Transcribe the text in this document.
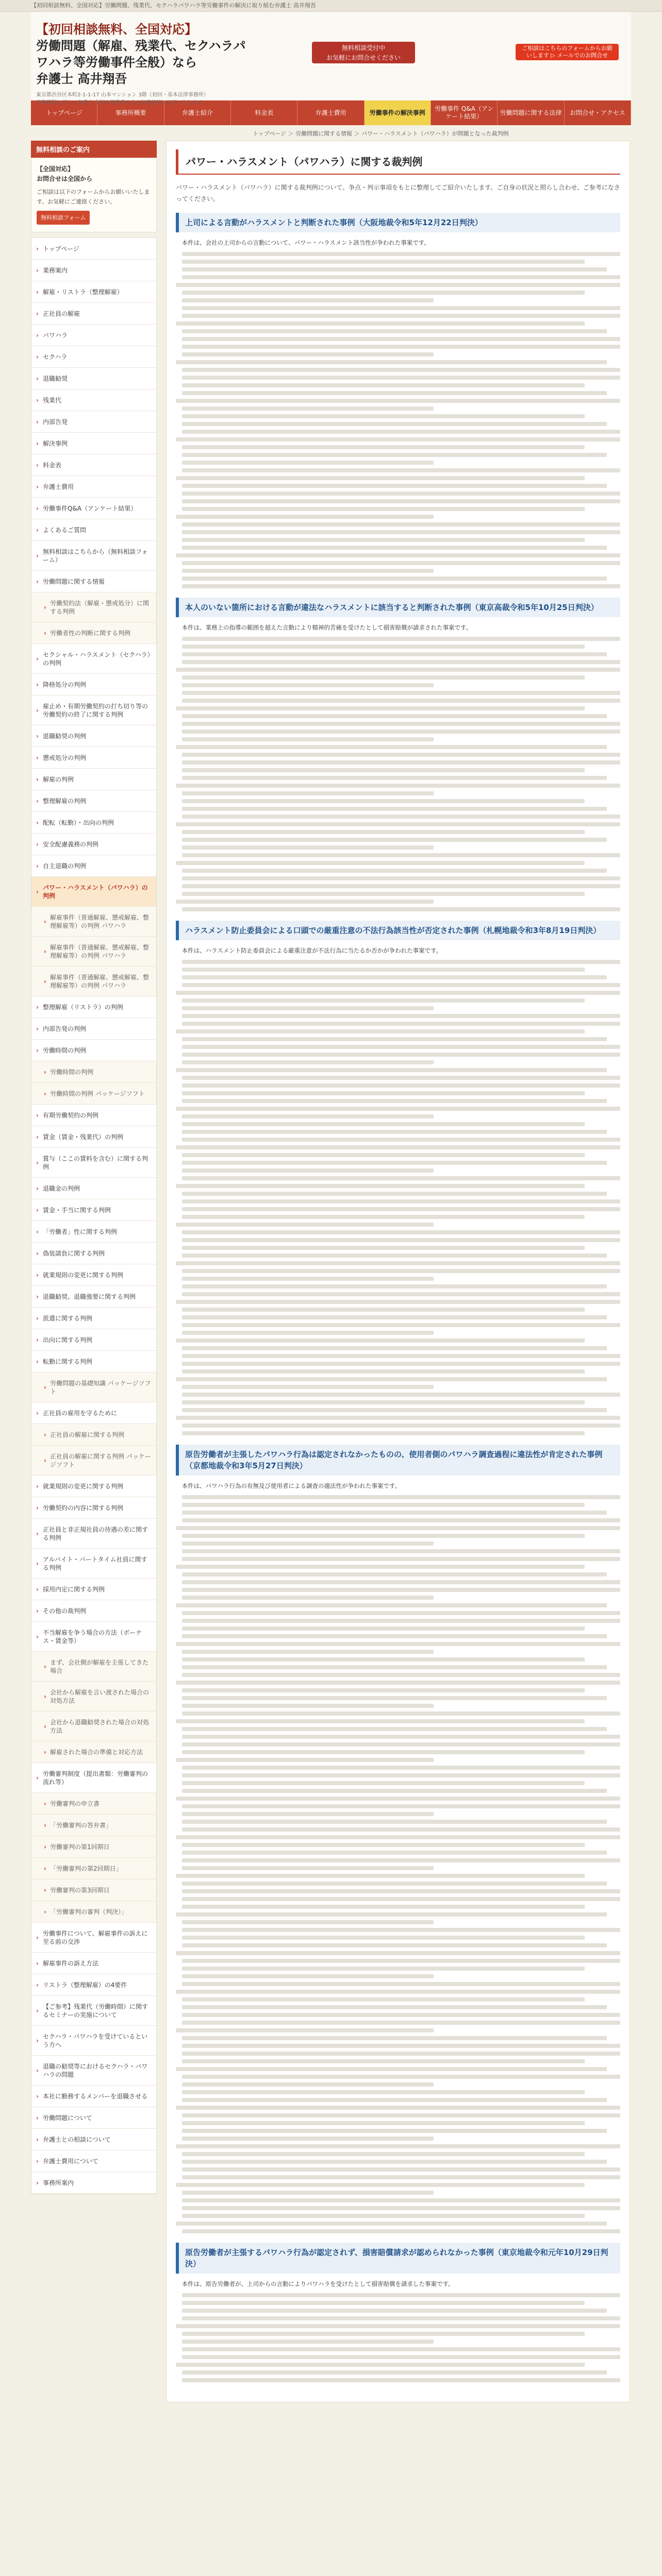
【初回相談無料、全国対応】労働問題、残業代、セクハラパワハラ等労働事件の解決に取り組む弁護士 高井翔吾
【初回相談無料、全国対応】
労働問題（解雇、残業代、セクハラパ
ワハラ等労働事件全般）なら
弁護士 高井翔吾
東京都渋谷区本町2-1-1-17 山本マンション 3階（初回・基本法律事務所）
労働問題に詳しい弁護士 全国の労働者の方の法律相談に対応いたします
無料相談受付中
お気軽にお問合せください
ご相談はこちらのフォームからお願
いします ▷ メールでのお問合せ
トップページ	事務所概要	弁護士紹介	料金表	弁護士費用	労働事件の解決事例
労働事件 Q&A（アンケート結果）
労働問題に関する法律	お問合せ・アクセス
トップページ ＞ 労働問題に関する情報 ＞ パワー・ハラスメント（パワハラ）が問題となった裁判例
無料相談のご案内
【全国対応】
お問合せは全国から
ご相談は以下のフォームからお願いいたします。お気軽にご連絡ください。
無料相談フォーム
› トップページ
› 業務案内
› 解雇・リストラ（整理解雇）
› 正社員の解雇
› パワハラ
› セクハラ
› 退職勧奨
› 残業代
› 内部告発
› 解決事例
› 料金表
› 弁護士費用
› 労働事件Q&A（アンケート結果）
› よくあるご質問
› 無料相談はこちらから（無料相談フォーム）
› 労働問題に関する情報
› 労働契約法（解雇・懲戒処分）に関する判例
› 労働者性の判断に関する判例
› セクシャル・ハラスメント（セクハラ）の判例
› 降格処分の判例
› 雇止め・有期労働契約の打ち切り等の労働契約の終了に関する判例
› 退職勧奨の判例
› 懲戒処分の判例
› 解雇の判例
› 整理解雇の判例
› 配転（転勤）・出向の判例
› 安全配慮義務の判例
› 自主退職の判例
› パワー・ハラスメント（パワハラ）の判例
› 解雇事件（普通解雇、懲戒解雇、整理解雇等）の判例 パワハラ
› 解雇事件（普通解雇、懲戒解雇、整理解雇等）の判例 パワハラ
› 解雇事件（普通解雇、懲戒解雇、整理解雇等）の判例 パワハラ
› 整理解雇（リストラ）の判例
› 内部告発の判例
› 労働時間の判例
› 労働時間の判例
› 労働時間の判例 パッケージソフト
› 有期労働契約の判例
› 賃金（賃金・残業代）の判例
› 賞与（ここの賃料を含む）に関する判例
› 退職金の判例
› 賃金・手当に関する判例
› 「労働者」性に関する判例
› 偽装請負に関する判例
› 就業規則の変更に関する判例
› 退職勧奨、退職強要に関する判例
› 派遣に関する判例
› 出向に関する判例
› 転勤に関する判例
› 労働問題の基礎知識 パッケージソフト
› 正社員の雇用を守るために
› 正社員の解雇に関する判例
› 正社員の解雇に関する判例 パッケージソフト
› 就業規則の変更に関する判例
› 労働契約の内容に関する判例
› 正社員と非正規社員の待遇の差に関する判例
› アルバイト・パートタイム社員に関する判例
› 採用内定に関する判例
› その他の裁判例
› 不当解雇を争う場合の方法（ボーナス・賃金等）
› まず、会社側が解雇を主張してきた場合
› 会社から解雇を言い渡された場合の対処方法
› 会社から退職勧奨された場合の対処方法
› 解雇された場合の準備と対応方法
› 労働審判制度（提出書類：労働審判の流れ等）
› 労働審判の申立書
› 「労働審判の答弁書」
› 労働審判の第1回期日
› 「労働審判の第2回期日」
› 労働審判の第3回期日
› 「労働審判の審判（判決）」
› 労働事件について、解雇事件の訴えに至る前の交渉
› 解雇事件の訴え方法
› リストラ（整理解雇）の4要件
› 【ご参考】残業代（労働時間）に関するセミナーの実施について
› セクハラ・パワハラを受けているという方へ
› 退職の勧奨等におけるセクハラ・パワハラの問題
› 本社に勤務するメンバーを退職させる
› 労働問題について
› 弁護士との相談について
› 弁護士費用について
› 事務所案内
パワー・ハラスメント（パワハラ）に関する裁判例
パワー・ハラスメント（パワハラ）に関する裁判例について、争点・判示事項をもとに整理してご紹介いたします。ご自身の状況と照らし合わせ、ご参考になさってください。
上司による言動がハラスメントと判断された事例（大阪地裁令和5年12月22日判決）

本件は、会社の上司からの言動について、パワー・ハラスメント該当性が争われた事案です。

本人のいない箇所における言動が違法なハラスメントに該当すると判断された事例（東京高裁令和5年10月25日判決）

本件は、業務上の指導の範囲を超えた言動により精神的苦痛を受けたとして損害賠償が請求された事案です。

ハラスメント防止委員会による口頭での厳重注意の不法行為該当性が否定された事例（札幌地裁令和3年8月19日判決）

本件は、ハラスメント防止委員会による厳重注意が不法行為に当たるか否かが争われた事案です。

原告労働者が主張したパワハラ行為は認定されなかったものの、使用者側のパワハラ調査過程に違法性が肯定された事例（京都地裁令和3年5月27日判決）

本件は、パワハラ行為の有無及び使用者による調査の適法性が争われた事案です。

原告労働者が主張するパワハラ行為が認定されず、損害賠償請求が認められなかった事例（東京地裁令和元年10月29日判決）

本件は、原告労働者が、上司からの言動によりパワハラを受けたとして損害賠償を請求した事案です。
